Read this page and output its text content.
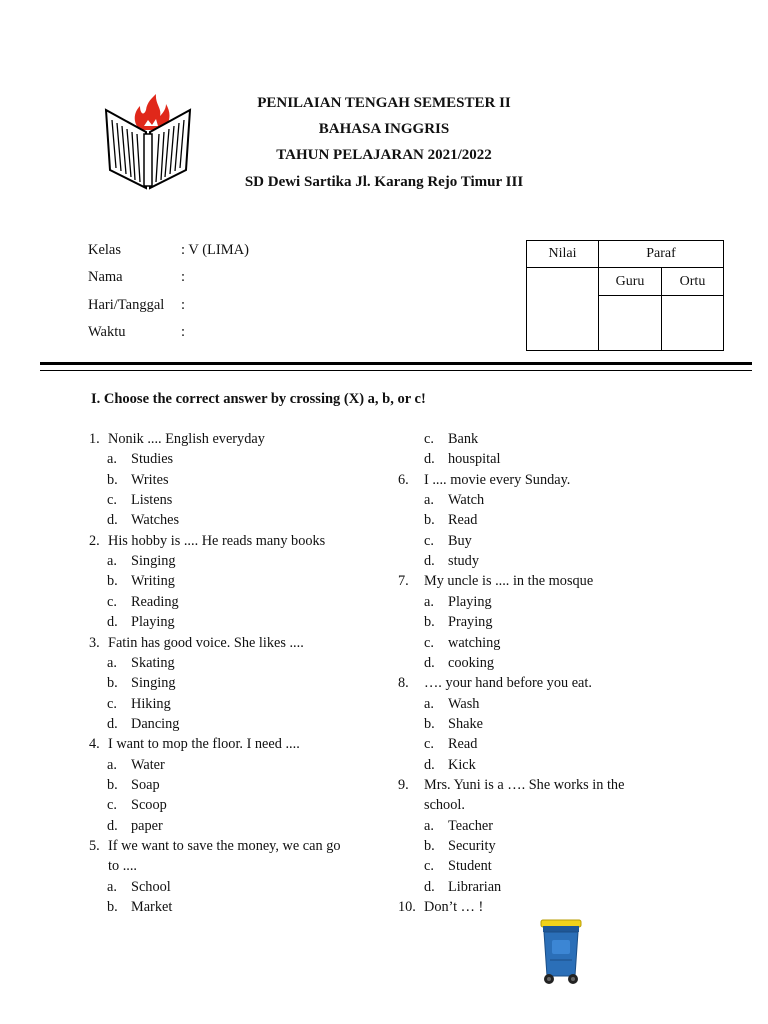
PENILAIAN TENGAH SEMESTER II
BAHASA INGGRIS
TAHUN PELAJARAN 2021/2022
SD Dewi Sartika Jl. Karang Rejo Timur III
Kelas	: V (LIMA)
Nama	:
Hari/Tanggal :
Waktu	:
Nilai	Paraf	
	Guru	Ortu

I. Choose the correct answer by crossing (X) a, b, or c!
1. Nonik .... English everyday
a. Studies
b. Writes
c. Listens
d. Watches
2. His hobby is .... He reads many books
a. Singing
b. Writing
c. Reading
d. Playing
3. Fatin has good voice. She likes ....
a. Skating
b. Singing
c. Hiking
d. Dancing
4. I want to mop the floor. I need ....
a. Water
b. Soap
c. Scoop
d. paper
5. If we want to save the money, we can go
to ....
a. School
b. Market
c. Bank
d. houspital
6. I .... movie every Sunday.
a. Watch
b. Read
c. Buy
d. study
7. My uncle is .... in the mosque
a. Playing
b. Praying
c. watching
d. cooking
8. …. your hand before you eat.
a. Wash
b. Shake
c. Read
d. Kick
9. Mrs. Yuni is a …. She works in the
school.
a. Teacher
b. Security
c. Student
d. Librarian
10. Don’t … !
